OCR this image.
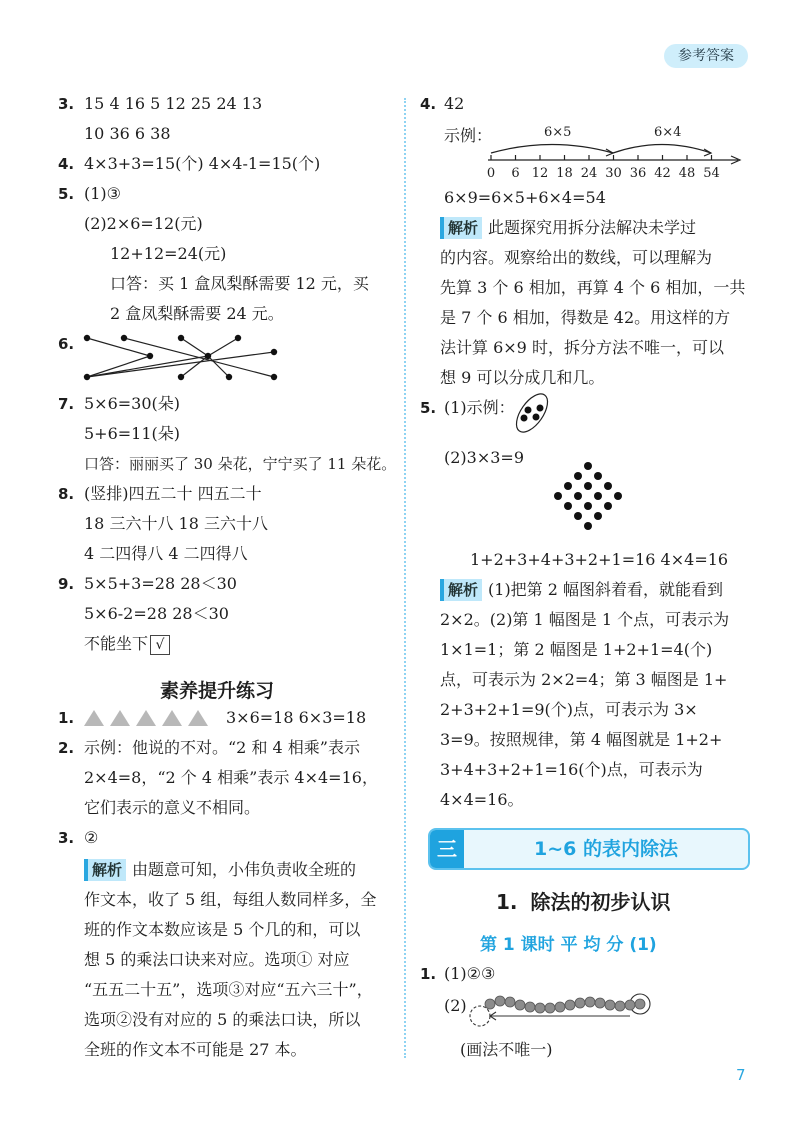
参考答案
3. 15 4 16 5 12 25 24 13
10 36 6 38
4. 4×3+3=15(个) 4×4-1=15(个)
5. (1)③
(2)2×6=12(元)
12+12=24(元)
口答：买 1 盒凤梨酥需要 12 元，买
2 盒凤梨酥需要 24 元。
6.
7. 5×6=30(朵)
5+6=11(朵)
口答：丽丽买了 30 朵花，宁宁买了 11 朵花。
8. (竖排)四五二十 四五二十
18 三六十八 18 三六十八
4 二四得八 4 二四得八
9. 5×5+3=28 28＜30
5×6-2=28 28＜30
不能坐下 √
素养提升练习
1.	3×6=18 6×3=18
2. 示例：他说的不对。“2 和 4 相乘”表示
2×4=8，“2 个 4 相乘”表示 4×4=16，
它们表示的意义不相同。
3. ②
解析 由题意可知，小伟负责收全班的
作文本，收了 5 组，每组人数同样多，全
班的作文本数应该是 5 个几的和，可以
想 5 的乘法口诀来对应。选项① 对应
“五五二十五”，选项③对应“五六三十”，
选项②没有对应的 5 的乘法口诀，所以
全班的作文本不可能是 27 本。
4. 42
示例：	6×5	6×4
0 6 12 18 24 30 36 42 48 54
6×9=6×5+6×4=54
解析 此题探究用拆分法解决未学过
的内容。观察给出的数线，可以理解为
先算 3 个 6 相加，再算 4 个 6 相加，一共
是 7 个 6 相加，得数是 42。用这样的方
法计算 6×9 时，拆分方法不唯一，可以
想 9 可以分成几和几。
5. (1)示例：
(2)3×3=9
1+2+3+4+3+2+1=16 4×4=16
解析 (1)把第 2 幅图斜着看，就能看到
2×2。(2)第 1 幅图是 1 个点，可表示为
1×1=1；第 2 幅图是 1+2+1=4(个)
点，可表示为 2×2=4；第 3 幅图是 1+
2+3+2+1=9(个)点，可表示为 3×
3=9。按照规律，第 4 幅图就是 1+2+
3+4+3+2+1=16(个)点，可表示为
4×4=16。
三	1~6 的表内除法
1. 除法的初步认识
第 1 课时 平 均 分 (1)
1. (1)②③
(2)
(画法不唯一)
7
